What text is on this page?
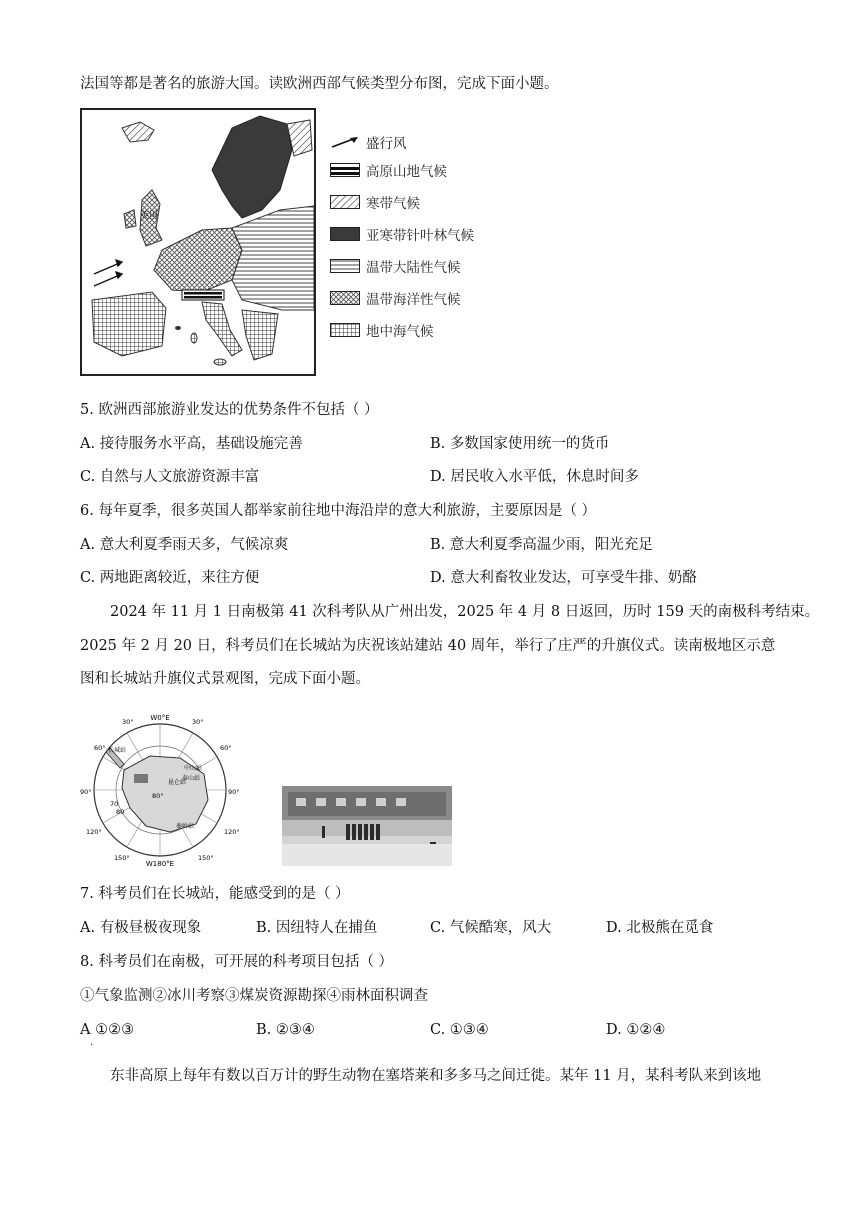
法国等都是著名的旅游大国。读欧洲西部气候类型分布图，完成下面小题。
英国
盛行风
高原山地气候
寒带气候
亚寒带针叶林气候
温带大陆性气候
温带海洋性气候
地中海气候
5. 欧洲西部旅游业发达的优势条件不包括（ ）
A. 接待服务水平高，基础设施完善	B. 多数国家使用统一的货币
C. 自然与人文旅游资源丰富	D. 居民收入水平低，休息时间多
6. 每年夏季，很多英国人都举家前往地中海沿岸的意大利旅游，主要原因是（ ）
A. 意大利夏季雨天多，气候凉爽	B. 意大利夏季高温少雨，阳光充足
C. 两地距离较近，来往方便	D. 意大利畜牧业发达，可享受牛排、奶酪
2024 年 11 月 1 日南极第 41 次科考队从广州出发，2025 年 4 月 8 日返回，历时 159 天的南极科考结束。
2025 年 2 月 20 日，科考员们在长城站为庆祝该站建站 40 周年，举行了庄严的升旗仪式。读南极地区示意
图和长城站升旗仪式景观图，完成下面小题。
W0°E
W180°E
30°	30°
60°	60°
90°	90°
120°	120°
150°	150°
70
80
80°
长城站
中山站
昆仑站
泰山站
秦岭站
7. 科考员们在长城站，能感受到的是（ ）
A. 有极昼极夜现象	B. 因纽特人在捕鱼	C. 气候酷寒，风大	D. 北极熊在觅食
8. 科考员们在南极，可开展的科考项目包括（ ）
①气象监测②冰川考察③煤炭资源勘探④雨林面积调查
A ①②③	B. ②③④	C. ①③④	D. ①②④
·
东非高原上每年有数以百万计的野生动物在塞塔莱和多多马之间迁徙。某年 11 月，某科考队来到该地
